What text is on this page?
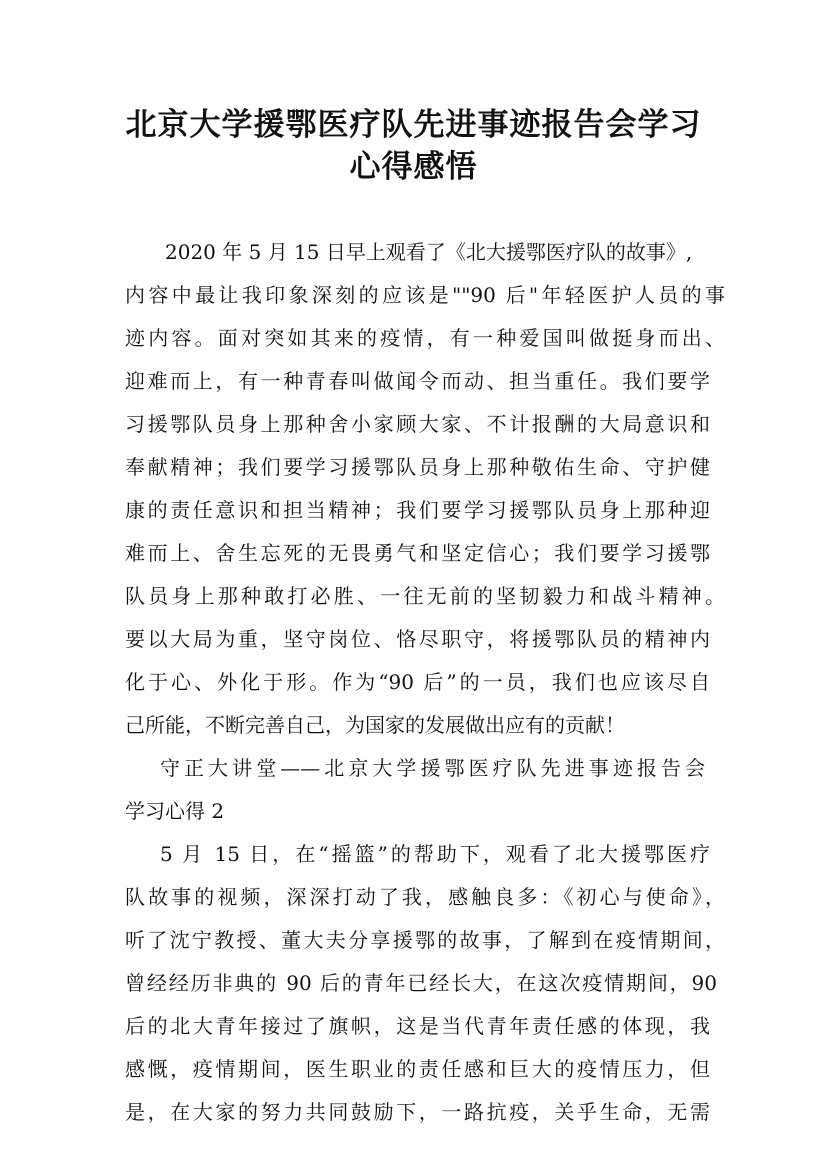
北京大学援鄂医疗队先进事迹报告会学习
心得感悟
2020 年 5 月 15 日早上观看了《北大援鄂医疗队的故事》,
内容中最让我印象深刻的应该是""90 后"年轻医护人员的事
迹内容。面对突如其来的疫情，有一种爱国叫做挺身而出、
迎难而上，有一种青春叫做闻令而动、担当重任。我们要学
习援鄂队员身上那种舍小家顾大家、不计报酬的大局意识和
奉献精神；我们要学习援鄂队员身上那种敬佑生命、守护健
康的责任意识和担当精神；我们要学习援鄂队员身上那种迎
难而上、舍生忘死的无畏勇气和坚定信心；我们要学习援鄂
队员身上那种敢打必胜、一往无前的坚韧毅力和战斗精神。
要以大局为重，坚守岗位、恪尽职守，将援鄂队员的精神内
化于心、外化于形。作为“90 后”的一员，我们也应该尽自
己所能，不断完善自己，为国家的发展做出应有的贡献！
守正大讲堂——北京大学援鄂医疗队先进事迹报告会
学习心得 2
5 月 15 日，在“摇篮”的帮助下，观看了北大援鄂医疗
队故事的视频，深深打动了我，感触良多：《初心与使命》，
听了沈宁教授、董大夫分享援鄂的故事，了解到在疫情期间，
曾经经历非典的 90 后的青年已经长大，在这次疫情期间，90
后的北大青年接过了旗帜，这是当代青年责任感的体现，我
感慨，疫情期间，医生职业的责任感和巨大的疫情压力，但
是，在大家的努力共同鼓励下，一路抗疫，关乎生命，无需
